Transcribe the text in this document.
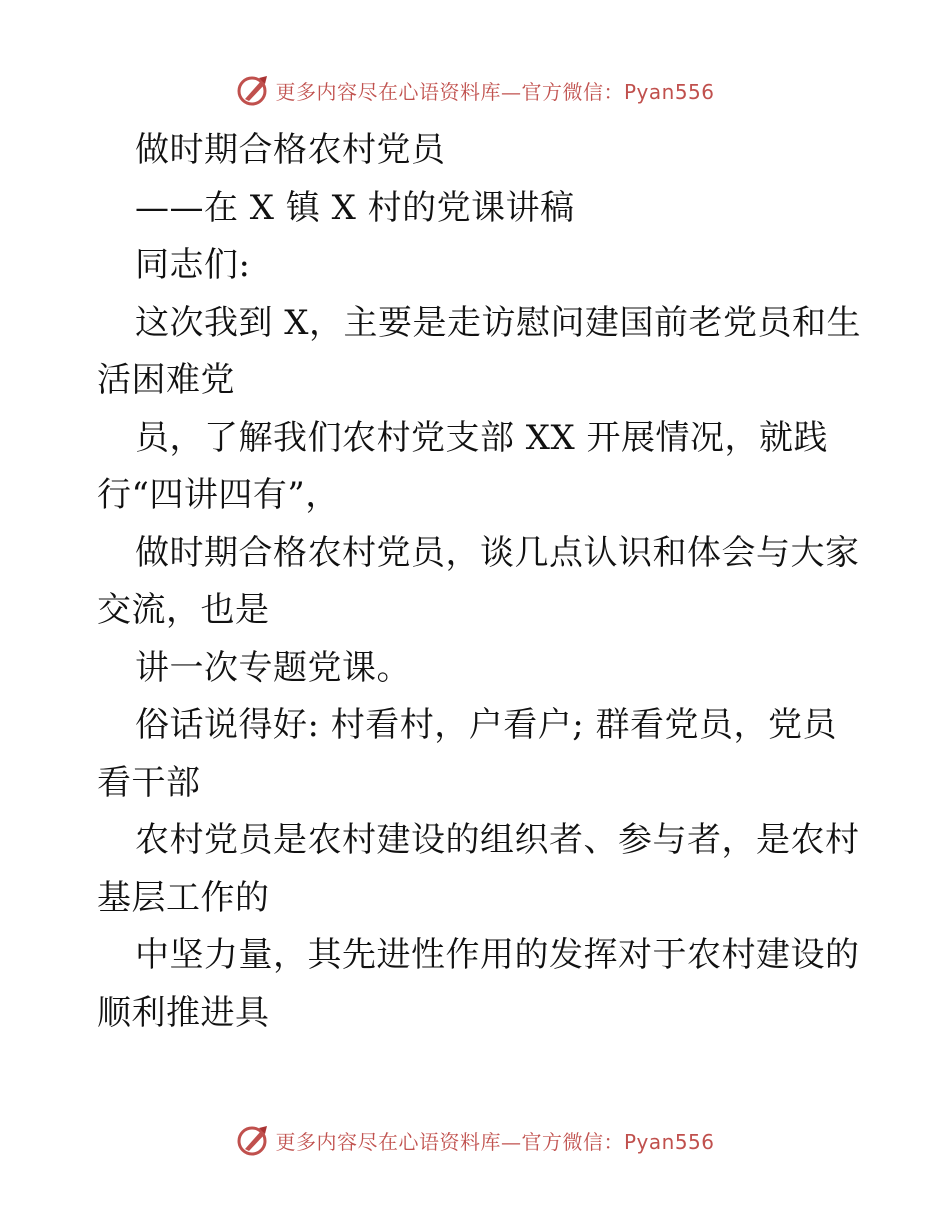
更多内容尽在心语资料库—官方微信：Pyan556
做时期合格农村党员
——在 X 镇 X 村的党课讲稿
同志们:
这次我到 X，主要是走访慰问建国前老党员和生
活困难党
员，了解我们农村党支部 XX 开展情况，就践
行“四讲四有”，
做时期合格农村党员，谈几点认识和体会与大家
交流，也是
讲一次专题党课。
俗话说得好: 村看村，户看户; 群看党员，党员
看干部
农村党员是农村建设的组织者、参与者，是农村
基层工作的
中坚力量，其先进性作用的发挥对于农村建设的
顺利推进具
更多内容尽在心语资料库—官方微信：Pyan556
